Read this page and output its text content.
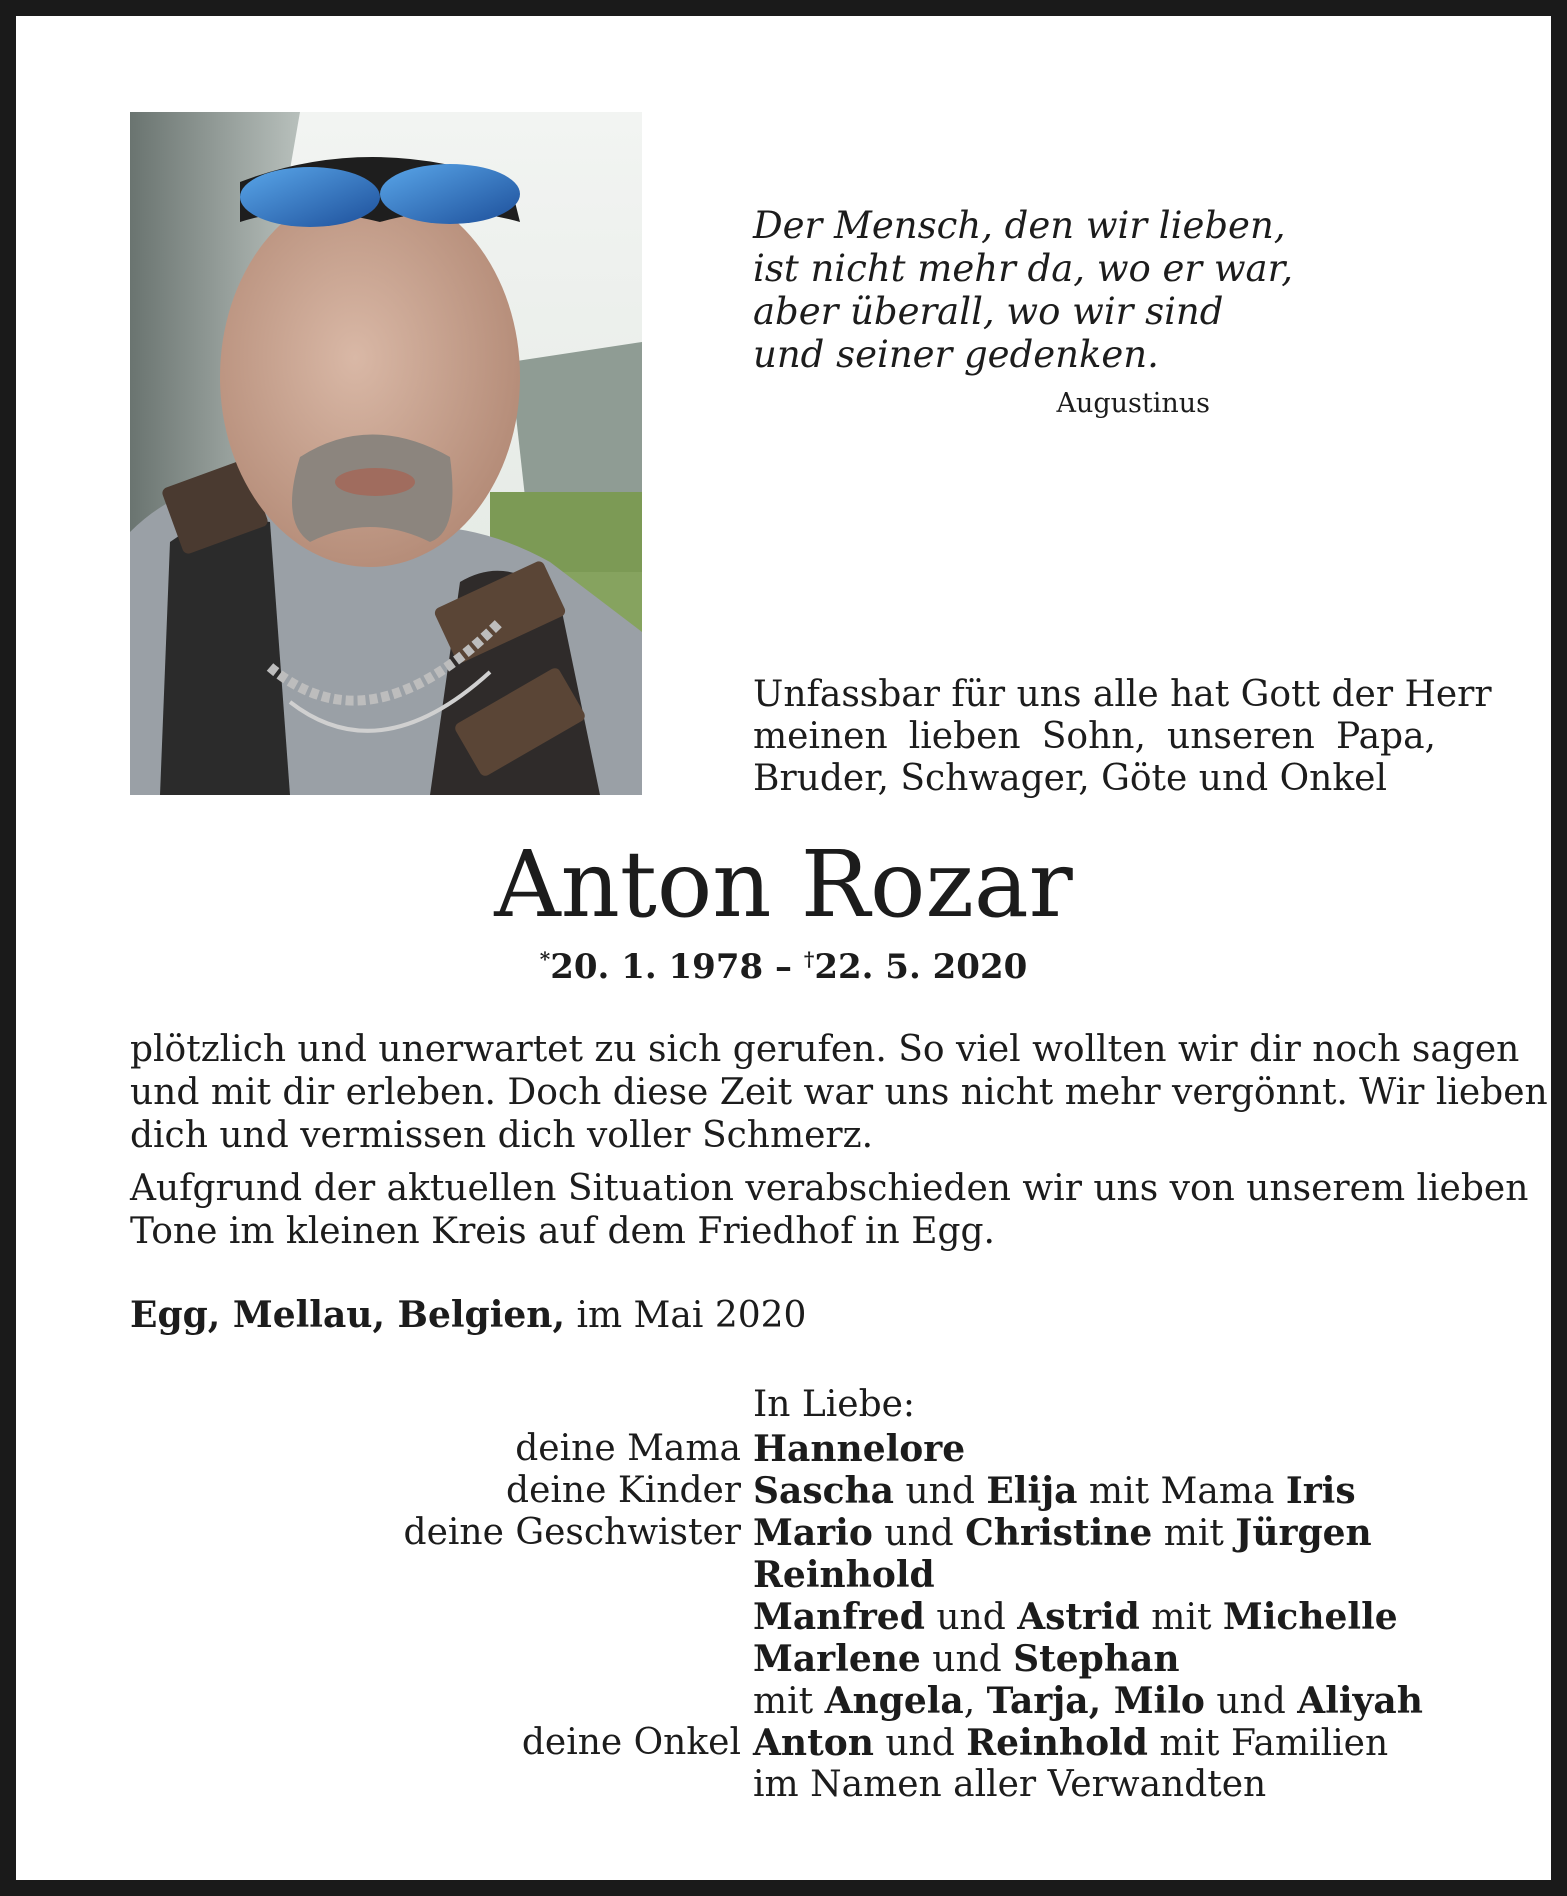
Der Mensch, den wir lieben,
ist nicht mehr da, wo er war,
aber überall, wo wir sind
und seiner gedenken.
Augustinus
Unfassbar für uns alle hat Gott der Herr
meinen lieben Sohn, unseren Papa,
Bruder, Schwager, Göte und Onkel
Anton Rozar
*20. 1. 1978 – †22. 5. 2020

plötzlich und unerwartet zu sich gerufen. So viel wollten wir dir noch sagen
und mit dir erleben. Doch diese Zeit war uns nicht mehr vergönnt. Wir lieben
dich und vermissen dich voller Schmerz.

Aufgrund der aktuellen Situation verabschieden wir uns von unserem lieben
Tone im kleinen Kreis auf dem Friedhof in Egg.

Egg, Mellau, Belgien, im Mai 2020
In Liebe:
deine Mama Hannelore
deine Kinder Sascha und Elija mit Mama Iris
deine Geschwister Mario und Christine mit Jürgen
Reinhold
Manfred und Astrid mit Michelle
Marlene und Stephan
mit Angela, Tarja, Milo und Aliyah
deine Onkel Anton und Reinhold mit Familien
im Namen aller Verwandten
